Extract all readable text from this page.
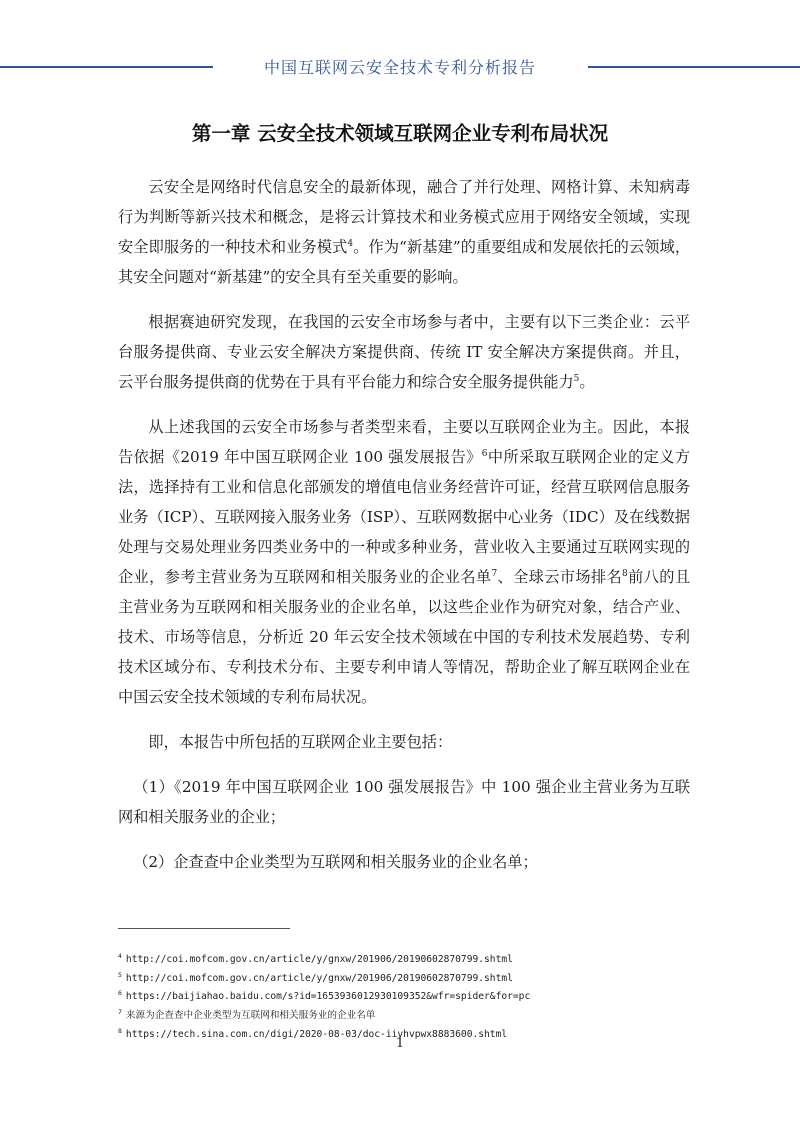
中国互联网云安全技术专利分析报告
第一章 云安全技术领域互联网企业专利布局状况

云安全是网络时代信息安全的最新体现，融合了并行处理、网格计算、未知病毒行为判断等新兴技术和概念，是将云计算技术和业务模式应用于网络安全领域，实现安全即服务的一种技术和业务模式$^4$。作为“新基建”的重要组成和发展依托的云领域，其安全问题对“新基建”的安全具有至关重要的影响。

根据赛迪研究发现，在我国的云安全市场参与者中，主要有以下三类企业：云平台服务提供商、专业云安全解决方案提供商、传统 IT 安全解决方案提供商。并且，云平台服务提供商的优势在于具有平台能力和综合安全服务提供能力$^5$。

从上述我国的云安全市场参与者类型来看，主要以互联网企业为主。因此，本报告依据《2019 年中国互联网企业 100 强发展报告》$^6$中所采取互联网企业的定义方法，选择持有工业和信息化部颁发的增值电信业务经营许可证，经营互联网信息服务业务（ICP）、互联网接入服务业务（ISP）、互联网数据中心业务（IDC）及在线数据处理与交易处理业务四类业务中的一种或多种业务，营业收入主要通过互联网实现的企业，参考主营业务为互联网和相关服务业的企业名单$^7$、全球云市场排名$^8$前八的且主营业务为互联网和相关服务业的企业名单，以这些企业作为研究对象，结合产业、技术、市场等信息，分析近 20 年云安全技术领域在中国的专利技术发展趋势、专利技术区域分布、专利技术分布、主要专利申请人等情况，帮助企业了解互联网企业在中国云安全技术领域的专利布局状况。

即，本报告中所包括的互联网企业主要包括：

（1）《2019 年中国互联网企业 100 强发展报告》中 100 强企业主营业务为互联网和相关服务业的企业；

（2）企查查中企业类型为互联网和相关服务业的企业名单；

$^4$ http://coi.mofcom.gov.cn/article/y/gnxw/201906/20190602870799.shtml
$^5$ http://coi.mofcom.gov.cn/article/y/gnxw/201906/20190602870799.shtml
$^6$ https://baijiahao.baidu.com/s?id=1653936012930109352&wfr=spider&for=pc
$^7$ 来源为企查查中企业类型为互联网和相关服务业的企业名单
$^8$ https://tech.sina.com.cn/digi/2020-08-03/doc-iivhvpwx8883600.shtml
1
